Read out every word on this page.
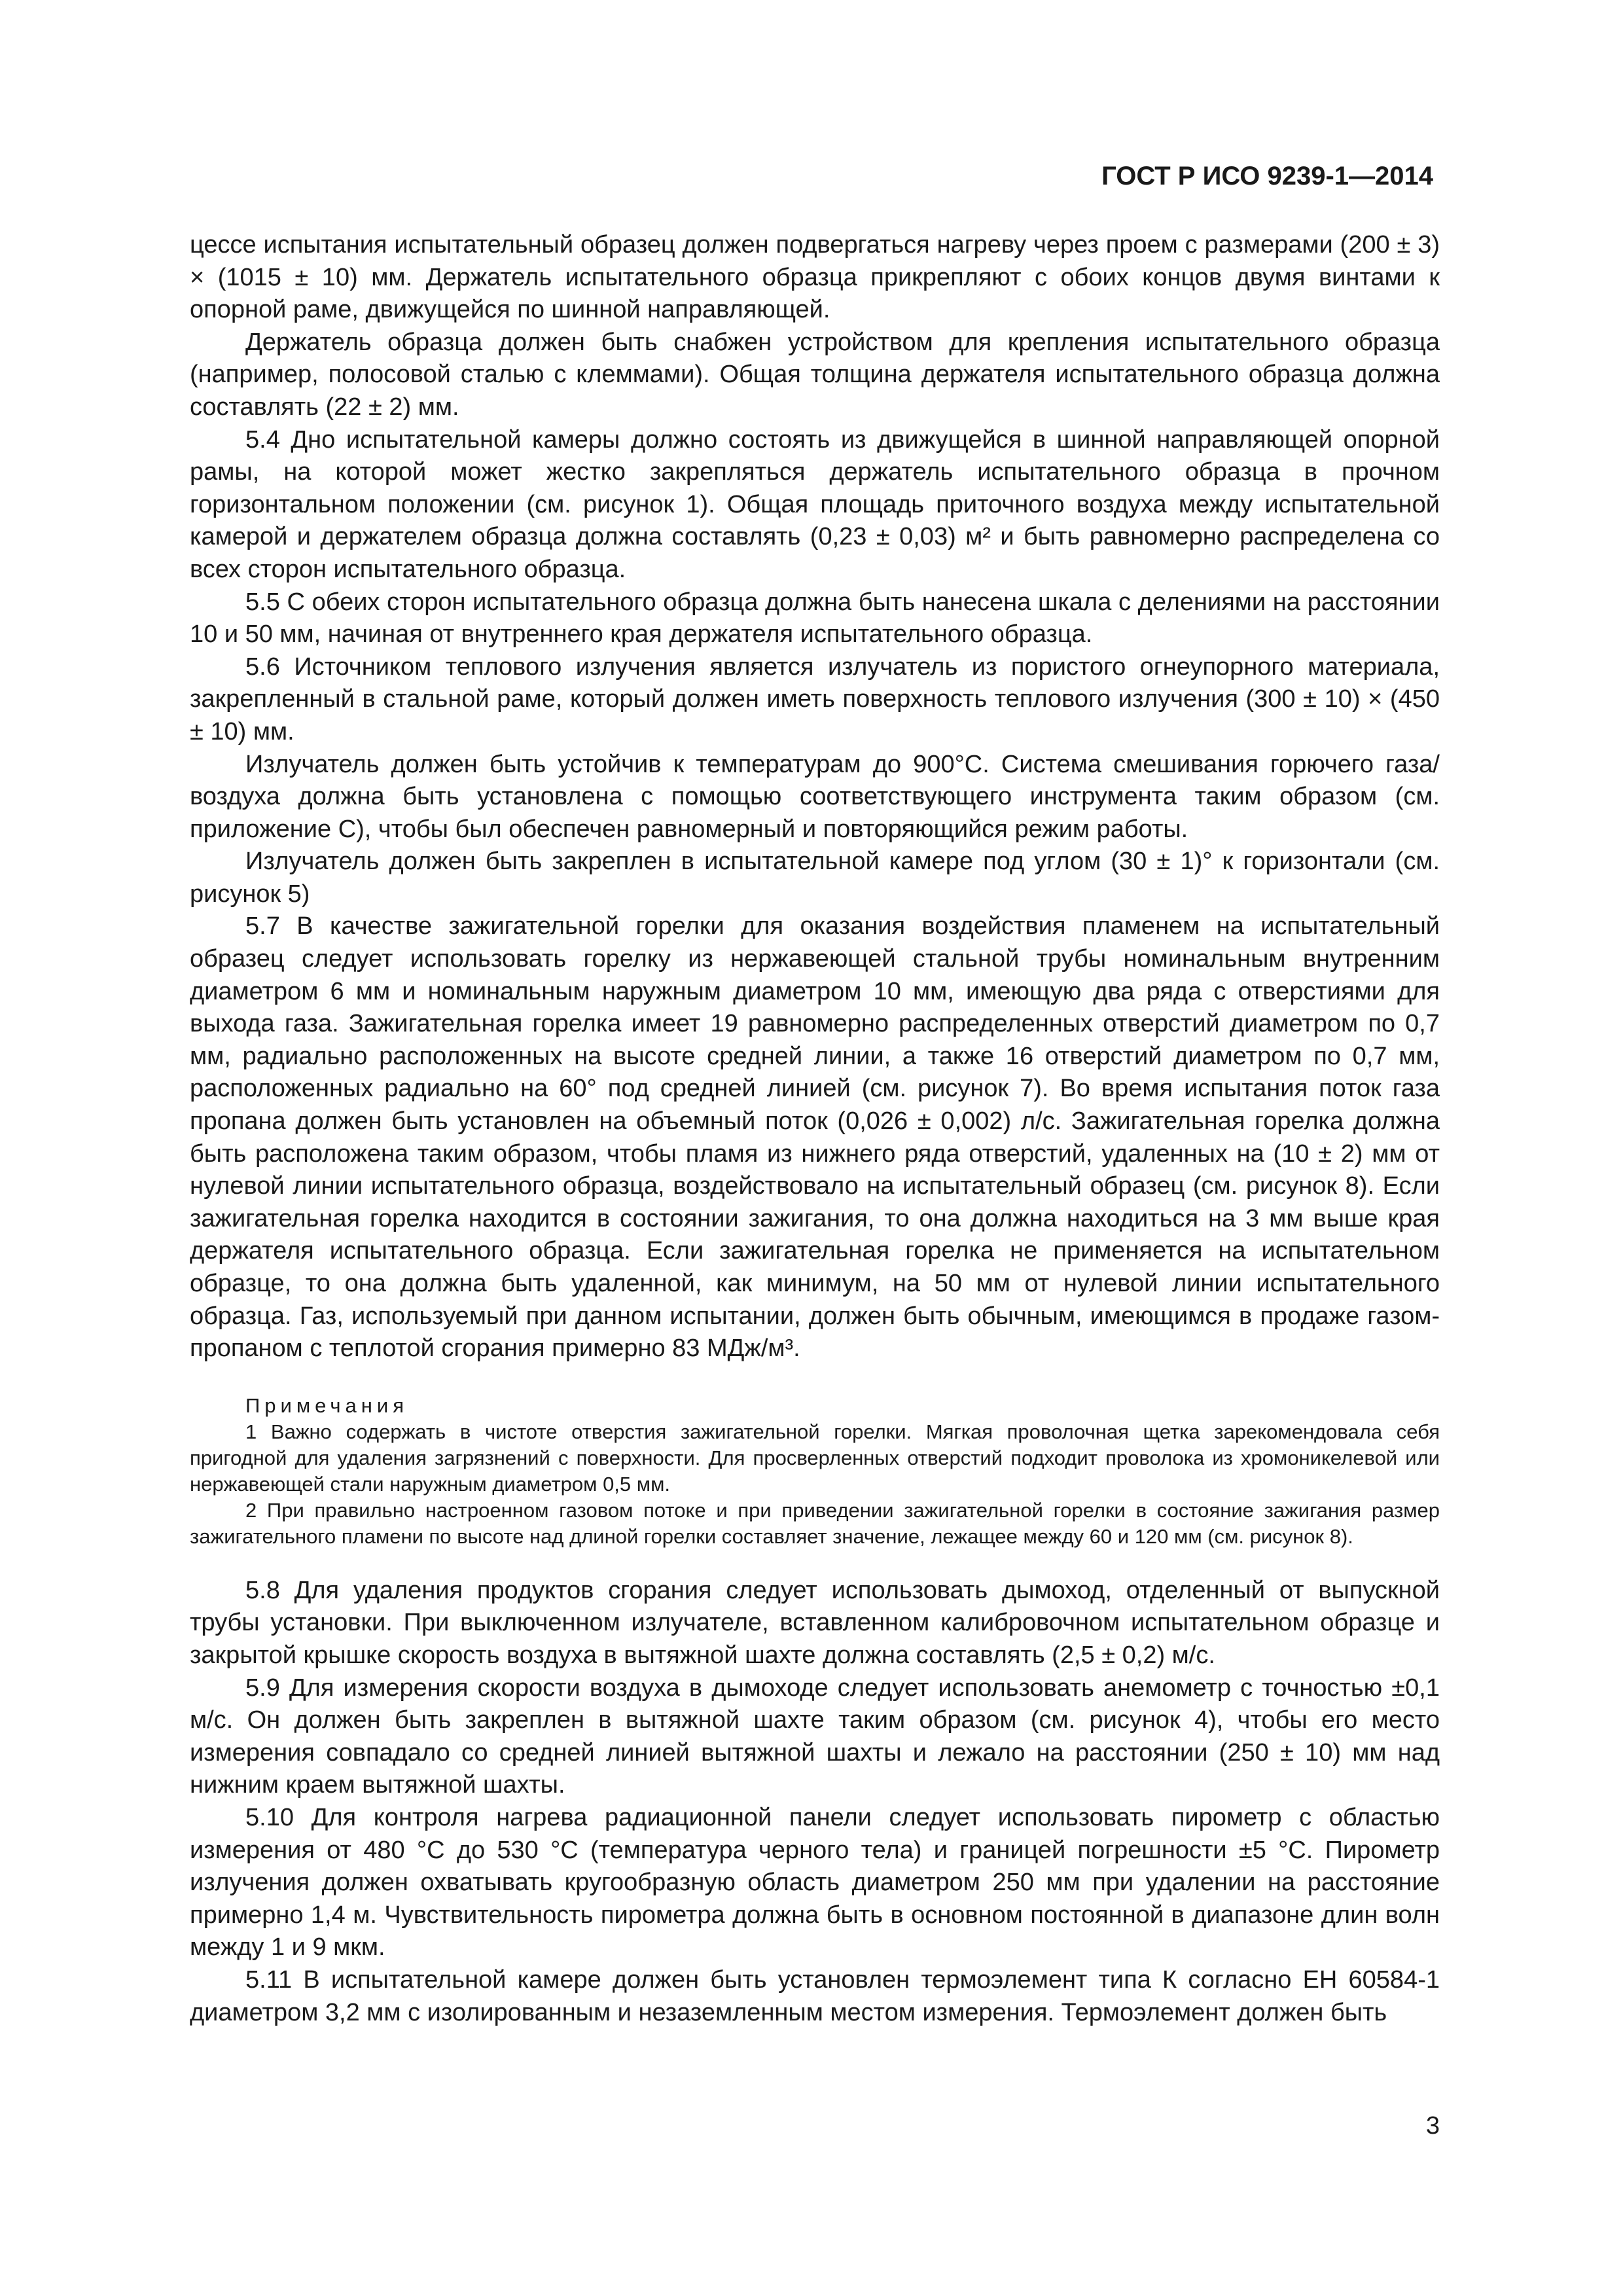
ГОСТ Р ИСО 9239-1—2014

цессе испытания испытательный образец должен подвергаться нагреву через проем с размерами (200 ± 3) × (1015 ± 10) мм. Держатель испытательного образца прикрепляют с обоих концов двумя винтами к опорной раме, движущейся по шинной направляющей.

Держатель образца должен быть снабжен устройством для крепления испытательного образца (например, полосовой сталью с клеммами). Общая толщина держателя испытательного образца должна составлять (22 ± 2) мм.

5.4 Дно испытательной камеры должно состоять из движущейся в шинной направляющей опорной рамы, на которой может жестко закрепляться держатель испытательного образца в прочном горизонтальном положении (см. рисунок 1). Общая площадь приточного воздуха между испытательной камерой и держателем образца должна составлять (0,23 ± 0,03) м² и быть равномерно распределена со всех сторон испытательного образца.

5.5 С обеих сторон испытательного образца должна быть нанесена шкала с делениями на расстоянии 10 и 50 мм, начиная от внутреннего края держателя испытательного образца.

5.6 Источником теплового излучения является излучатель из пористого огнеупорного материала, закрепленный в стальной раме, который должен иметь поверхность теплового излучения (300 ± 10) × (450 ± 10) мм.

Излучатель должен быть устойчив к температурам до 900°С. Система смешивания горючего газа/воздуха должна быть установлена с помощью соответствующего инструмента таким образом (см. приложение С), чтобы был обеспечен равномерный и повторяющийся режим работы.

Излучатель должен быть закреплен в испытательной камере под углом (30 ± 1)° к горизонтали (см. рисунок 5)

5.7 В качестве зажигательной горелки для оказания воздействия пламенем на испытательный образец следует использовать горелку из нержавеющей стальной трубы номинальным внутренним диаметром 6 мм и номинальным наружным диаметром 10 мм, имеющую два ряда с отверстиями для выхода газа. Зажигательная горелка имеет 19 равномерно распределенных отверстий диаметром по 0,7 мм, радиально расположенных на высоте средней линии, а также 16 отверстий диаметром по 0,7 мм, расположенных радиально на 60° под средней линией (см. рисунок 7). Во время испытания поток газа пропана должен быть установлен на объемный поток (0,026 ± 0,002) л/с. Зажигательная горелка должна быть расположена таким образом, чтобы пламя из нижнего ряда отверстий, удаленных на (10 ± 2) мм от нулевой линии испытательного образца, воздействовало на испытательный образец (см. рисунок 8). Если зажигательная горелка находится в состоянии зажигания, то она должна находиться на 3 мм выше края держателя испытательного образца. Если зажигательная горелка не применяется на испытательном образце, то она должна быть удаленной, как минимум, на 50 мм от нулевой линии испытательного образца. Газ, используемый при данном испытании, должен быть обычным, имеющимся в продаже газом-пропаном с теплотой сгорания примерно 83 МДж/м³.

Примечания

1 Важно содержать в чистоте отверстия зажигательной горелки. Мягкая проволочная щетка зарекомендовала себя пригодной для удаления загрязнений с поверхности. Для просверленных отверстий подходит проволока из хромоникелевой или нержавеющей стали наружным диаметром 0,5 мм.

2 При правильно настроенном газовом потоке и при приведении зажигательной горелки в состояние зажигания размер зажигательного пламени по высоте над длиной горелки составляет значение, лежащее между 60 и 120 мм (см. рисунок 8).

5.8 Для удаления продуктов сгорания следует использовать дымоход, отделенный от выпускной трубы установки. При выключенном излучателе, вставленном калибровочном испытательном образце и закрытой крышке скорость воздуха в вытяжной шахте должна составлять (2,5 ± 0,2) м/с.

5.9 Для измерения скорости воздуха в дымоходе следует использовать анемометр с точностью ±0,1 м/с. Он должен быть закреплен в вытяжной шахте таким образом (см. рисунок 4), чтобы его место измерения совпадало со средней линией вытяжной шахты и лежало на расстоянии (250 ± 10) мм над нижним краем вытяжной шахты.

5.10 Для контроля нагрева радиационной панели следует использовать пирометр с областью измерения от 480 °С до 530 °С (температура черного тела) и границей погрешности ±5 °С. Пирометр излучения должен охватывать кругообразную область диаметром 250 мм при удалении на расстояние примерно 1,4 м. Чувствительность пирометра должна быть в основном постоянной в диапазоне длин волн между 1 и 9 мкм.

5.11 В испытательной камере должен быть установлен термоэлемент типа К согласно ЕН 60584-1 диаметром 3,2 мм с изолированным и незаземленным местом измерения. Термоэлемент должен быть

3
